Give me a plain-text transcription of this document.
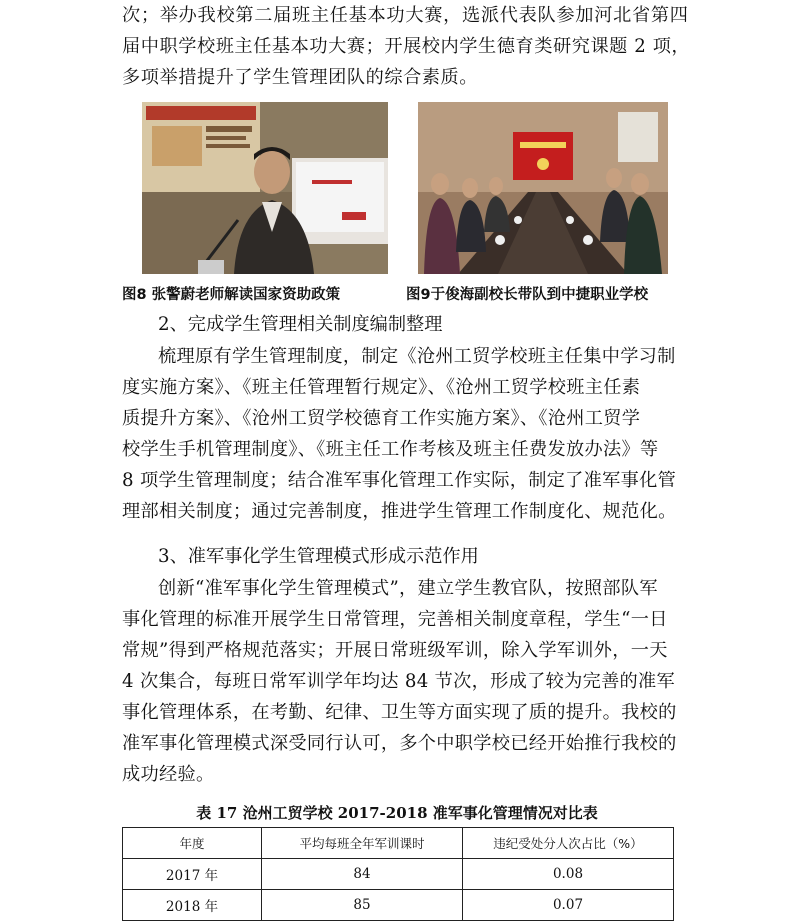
次；举办我校第二届班主任基本功大赛，选派代表队参加河北省第四
届中职学校班主任基本功大赛；开展校内学生德育类研究课题 2 项，
多项举措提升了学生管理团队的综合素质。
图8 张警蔚老师解读国家资助政策	图9于俊海副校长带队到中捷职业学校
2、完成学生管理相关制度编制整理
梳理原有学生管理制度，制定《沧州工贸学校班主任集中学习制
度实施方案》、《班主任管理暂行规定》、《沧州工贸学校班主任素
质提升方案》、《沧州工贸学校德育工作实施方案》、《沧州工贸学
校学生手机管理制度》、《班主任工作考核及班主任费发放办法》等
8 项学生管理制度；结合准军事化管理工作实际，制定了准军事化管
理部相关制度；通过完善制度，推进学生管理工作制度化、规范化。
3、准军事化学生管理模式形成示范作用
创新“准军事化学生管理模式”，建立学生教官队，按照部队军
事化管理的标准开展学生日常管理，完善相关制度章程，学生“一日
常规”得到严格规范落实；开展日常班级军训，除入学军训外，一天
4 次集合，每班日常军训学年均达 84 节次，形成了较为完善的准军
事化管理体系，在考勤、纪律、卫生等方面实现了质的提升。我校的
准军事化管理模式深受同行认可，多个中职学校已经开始推行我校的
成功经验。
表 17 沧州工贸学校 2017-2018 准军事化管理情况对比表
年度	平均每班全年军训课时	违纪受处分人次占比（%）
2017 年	84	0.08
2018 年	85	0.07
